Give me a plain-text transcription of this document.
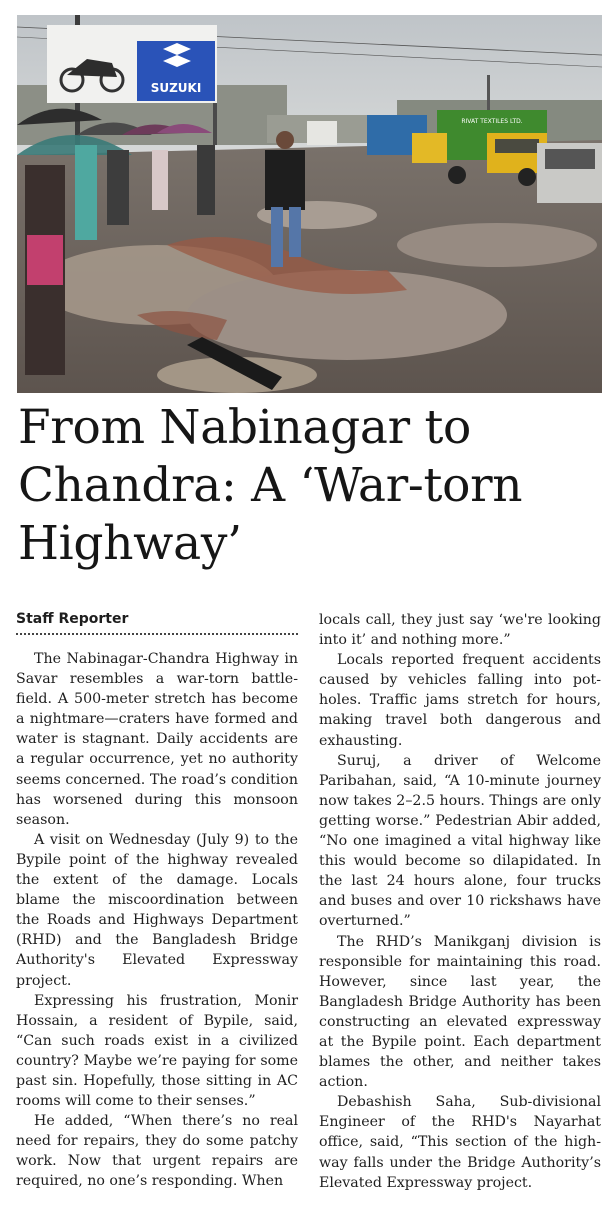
SUZUKI
RIVAT TEXTILES LTD.
From Nabinagar to Chandra: A ‘War-torn Highway’
Staff Reporter

The Nabinagar-Chandra Highway in Savar resembles a war-torn battle-field. A 500-meter stretch has become a nightmare—craters have formed and water is stagnant. Daily accidents are a regular occurrence, yet no authority seems concerned. The road’s condition has worsened during this monsoon season.

A visit on Wednesday (July 9) to the Bypile point of the highway revealed the extent of the damage. Locals blame the miscoordination between the Roads and Highways Department (RHD) and the Bangladesh Bridge Authority's Elevated Expressway project.

Expressing his frustration, Monir Hossain, a resident of Bypile, said, “Can such roads exist in a civilized country? Maybe we’re paying for some past sin. Hopefully, those sitting in AC rooms will come to their senses.”

He added, “When there’s no real need for repairs, they do some patchy work. Now that urgent repairs are required, no one’s responding. When

locals call, they just say ‘we're looking into it’ and nothing more.”

Locals reported frequent accidents caused by vehicles falling into pot-holes. Traffic jams stretch for hours, making travel both dangerous and exhausting.

Suruj, a driver of Welcome Paribahan, said, “A 10-minute journey now takes 2–2.5 hours. Things are only getting worse.” Pedestrian Abir added, “No one imagined a vital highway like this would become so dilapidated. In the last 24 hours alone, four trucks and buses and over 10 rickshaws have overturned.”

The RHD’s Manikganj division is responsible for maintaining this road. However, since last year, the Bangladesh Bridge Authority has been constructing an elevated expressway at the Bypile point. Each department blames the other, and neither takes action.

Debashish Saha, Sub-divisional Engineer of the RHD's Nayarhat office, said, “This section of the high-way falls under the Bridge Authority’s Elevated Expressway project.
